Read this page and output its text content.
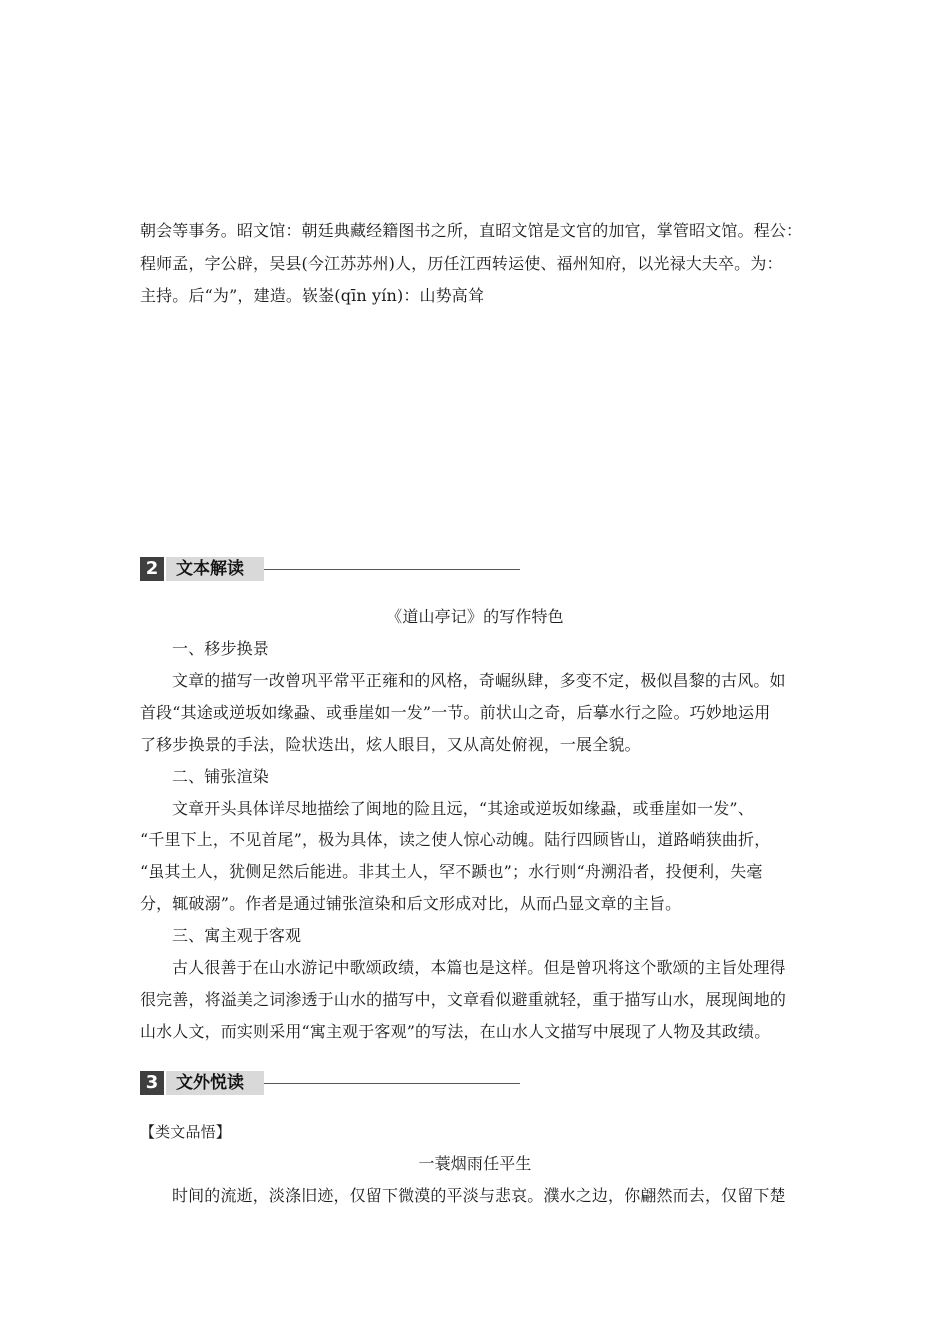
朝会等事务。昭文馆：朝廷典藏经籍图书之所，直昭文馆是文官的加官，掌管昭文馆。程公：
程师孟，字公辟，吴县(今江苏苏州)人，历任江西转运使、福州知府，以光禄大夫卒。为：
主持。后“为”，建造。嵚崟(qīn yín)：山势高耸
2	文本解读
《道山亭记》的写作特色
一、移步换景
文章的描写一改曾巩平常平正雍和的风格，奇崛纵肆，多变不定，极似昌黎的古风。如
首段“其途或逆坂如缘蝨、或垂崖如一发”一节。前状山之奇，后摹水行之险。巧妙地运用
了移步换景的手法，险状迭出，炫人眼目，又从高处俯视，一展全貌。
二、铺张渲染
文章开头具体详尽地描绘了闽地的险且远，“其途或逆坂如缘蝨，或垂崖如一发”、
“千里下上，不见首尾”，极为具体，读之使人惊心动魄。陆行四顾皆山，道路峭狭曲折，
“虽其土人，犹侧足然后能进。非其土人，罕不踬也”；水行则“舟溯沿者，投便利，失毫
分，辄破溺”。作者是通过铺张渲染和后文形成对比，从而凸显文章的主旨。
三、寓主观于客观
古人很善于在山水游记中歌颂政绩，本篇也是这样。但是曾巩将这个歌颂的主旨处理得
很完善，将溢美之词渗透于山水的描写中，文章看似避重就轻，重于描写山水，展现闽地的
山水人文，而实则采用“寓主观于客观”的写法，在山水人文描写中展现了人物及其政绩。
3	文外悦读
【类文品悟】
一蓑烟雨任平生
时间的流逝，淡涤旧迹，仅留下微漠的平淡与悲哀。濮水之边，你翩然而去，仅留下楚
